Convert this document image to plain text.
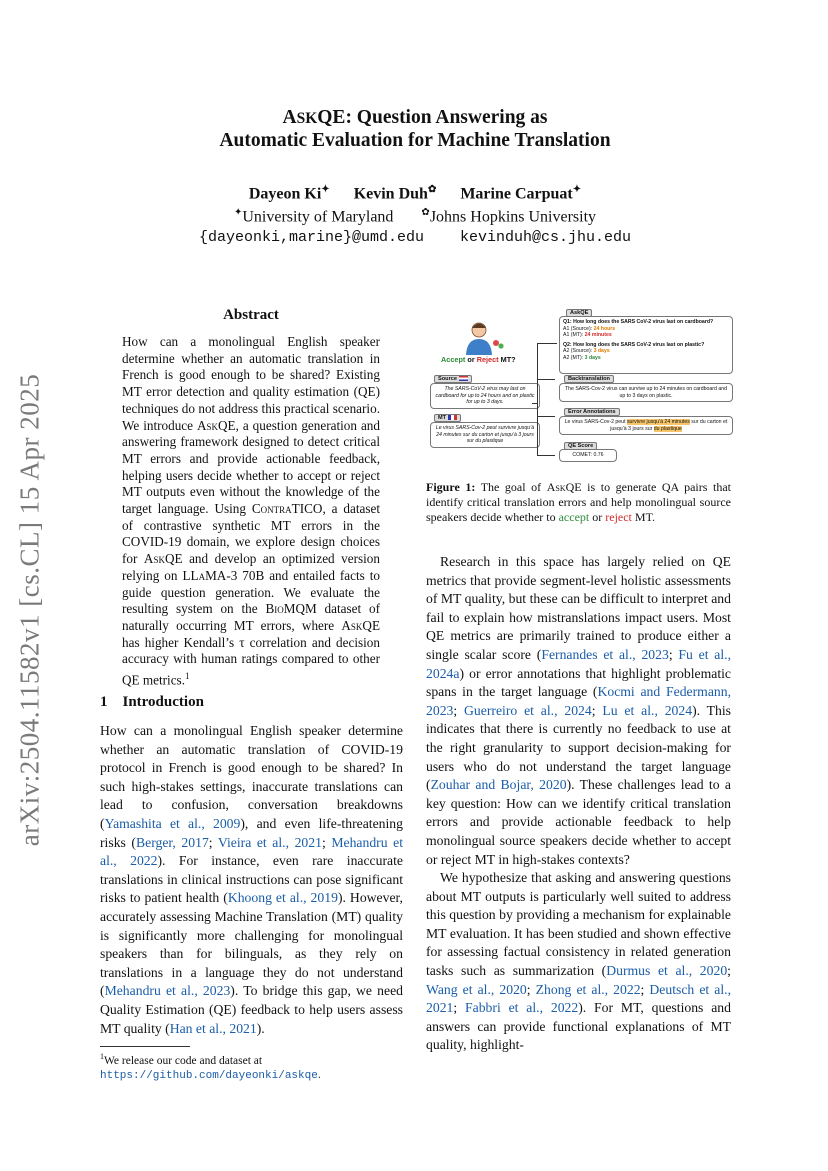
arXiv:2504.11582v1 [cs.CL] 15 Apr 2025
ASKQE: Question Answering as
Automatic Evaluation for Machine Translation
Dayeon Ki✦ Kevin Duh✿ Marine Carpuat✦
✦University of Maryland	✿Johns Hopkins University
{dayeonki,marine}@umd.edu kevinduh@cs.jhu.edu
Abstract
How can a monolingual English speaker determine whether an automatic translation in French is good enough to be shared? Existing MT error detection and quality estimation (QE) techniques do not address this practical scenario. We introduce AskQE, a question generation and answering framework designed to detect critical MT errors and provide actionable feedback, helping users decide whether to accept or reject MT outputs even without the knowledge of the target language. Using ContraTICO, a dataset of contrastive synthetic MT errors in the COVID-19 domain, we explore design choices for AskQE and develop an optimized version relying on LLaMA-3 70B and entailed facts to guide question generation. We evaluate the resulting system on the BioMQM dataset of naturally occurring MT errors, where AskQE has higher Kendall’s τ correlation and decision accuracy with human ratings compared to other QE metrics.$^1$
1 Introduction
How can a monolingual English speaker determine whether an automatic translation of COVID-19 protocol in French is good enough to be shared? In such high-stakes settings, inaccurate translations can lead to confusion, conversation breakdowns (Yamashita et al., 2009), and even life-threatening risks (Berger, 2017; Vieira et al., 2021; Mehandru et al., 2022). For instance, even rare inaccurate translations in clinical instructions can pose significant risks to patient health (Khoong et al., 2019). However, accurately assessing Machine Translation (MT) quality is significantly more challenging for monolingual speakers than for bilinguals, as they rely on translations in a language they do not understand (Mehandru et al., 2023). To bridge this gap, we need Quality Estimation (QE) feedback to help users assess MT quality (Han et al., 2021).
$^1$We release our code and dataset at https://github.com/dayeonki/askqe.
Accept or Reject MT?
Source
The SARS-CoV-2 virus may last on cardboard for up to 24 hours and on plastic for up to 3 days.
MT
Le virus SARS-Cov-2 peut survivre jusqu’à 24 minutes sur du carton et jusqu’à 3 jours sur du plastique
AskQE
Q1: How long does the SARS CoV-2 virus last on cardboard?
A1 (Source): 24 hours
A1 (MT): 24 minutes
Q2: How long does the SARS CoV-2 virus last on plastic?
A2 (Source): 3 days
A2 (MT): 3 days
Backtranslation
The SARS-Cov-2 virus can survive up to 24 minutes on cardboard and up to 3 days on plastic.
Error Annotations
Le virus SARS-Cov-2 peut survivre jusqu’à 24 minutes sur du carton et jusqu’à 3 jours sur du plastique
QE Score
COMET: 0.76
Figure 1: The goal of AskQE is to generate QA pairs that identify critical translation errors and help monolingual source speakers decide whether to accept or reject MT.

Research in this space has largely relied on QE metrics that provide segment-level holistic assessments of MT quality, but these can be difficult to interpret and fail to explain how mistranslations impact users. Most QE metrics are primarily trained to produce either a single scalar score (Fernandes et al., 2023; Fu et al., 2024a) or error annotations that highlight problematic spans in the target language (Kocmi and Federmann, 2023; Guerreiro et al., 2024; Lu et al., 2024). This indicates that there is currently no feedback to use at the right granularity to support decision-making for users who do not understand the target language (Zouhar and Bojar, 2020). These challenges lead to a key question: How can we identify critical translation errors and provide actionable feedback to help monolingual source speakers decide whether to accept or reject MT in high-stakes contexts?

We hypothesize that asking and answering questions about MT outputs is particularly well suited to address this question by providing a mechanism for explainable MT evaluation. It has been studied and shown effective for assessing factual consistency in related generation tasks such as summarization (Durmus et al., 2020; Wang et al., 2020; Zhong et al., 2022; Deutsch et al., 2021; Fabbri et al., 2022). For MT, questions and answers can provide functional explanations of MT quality, highlight-
